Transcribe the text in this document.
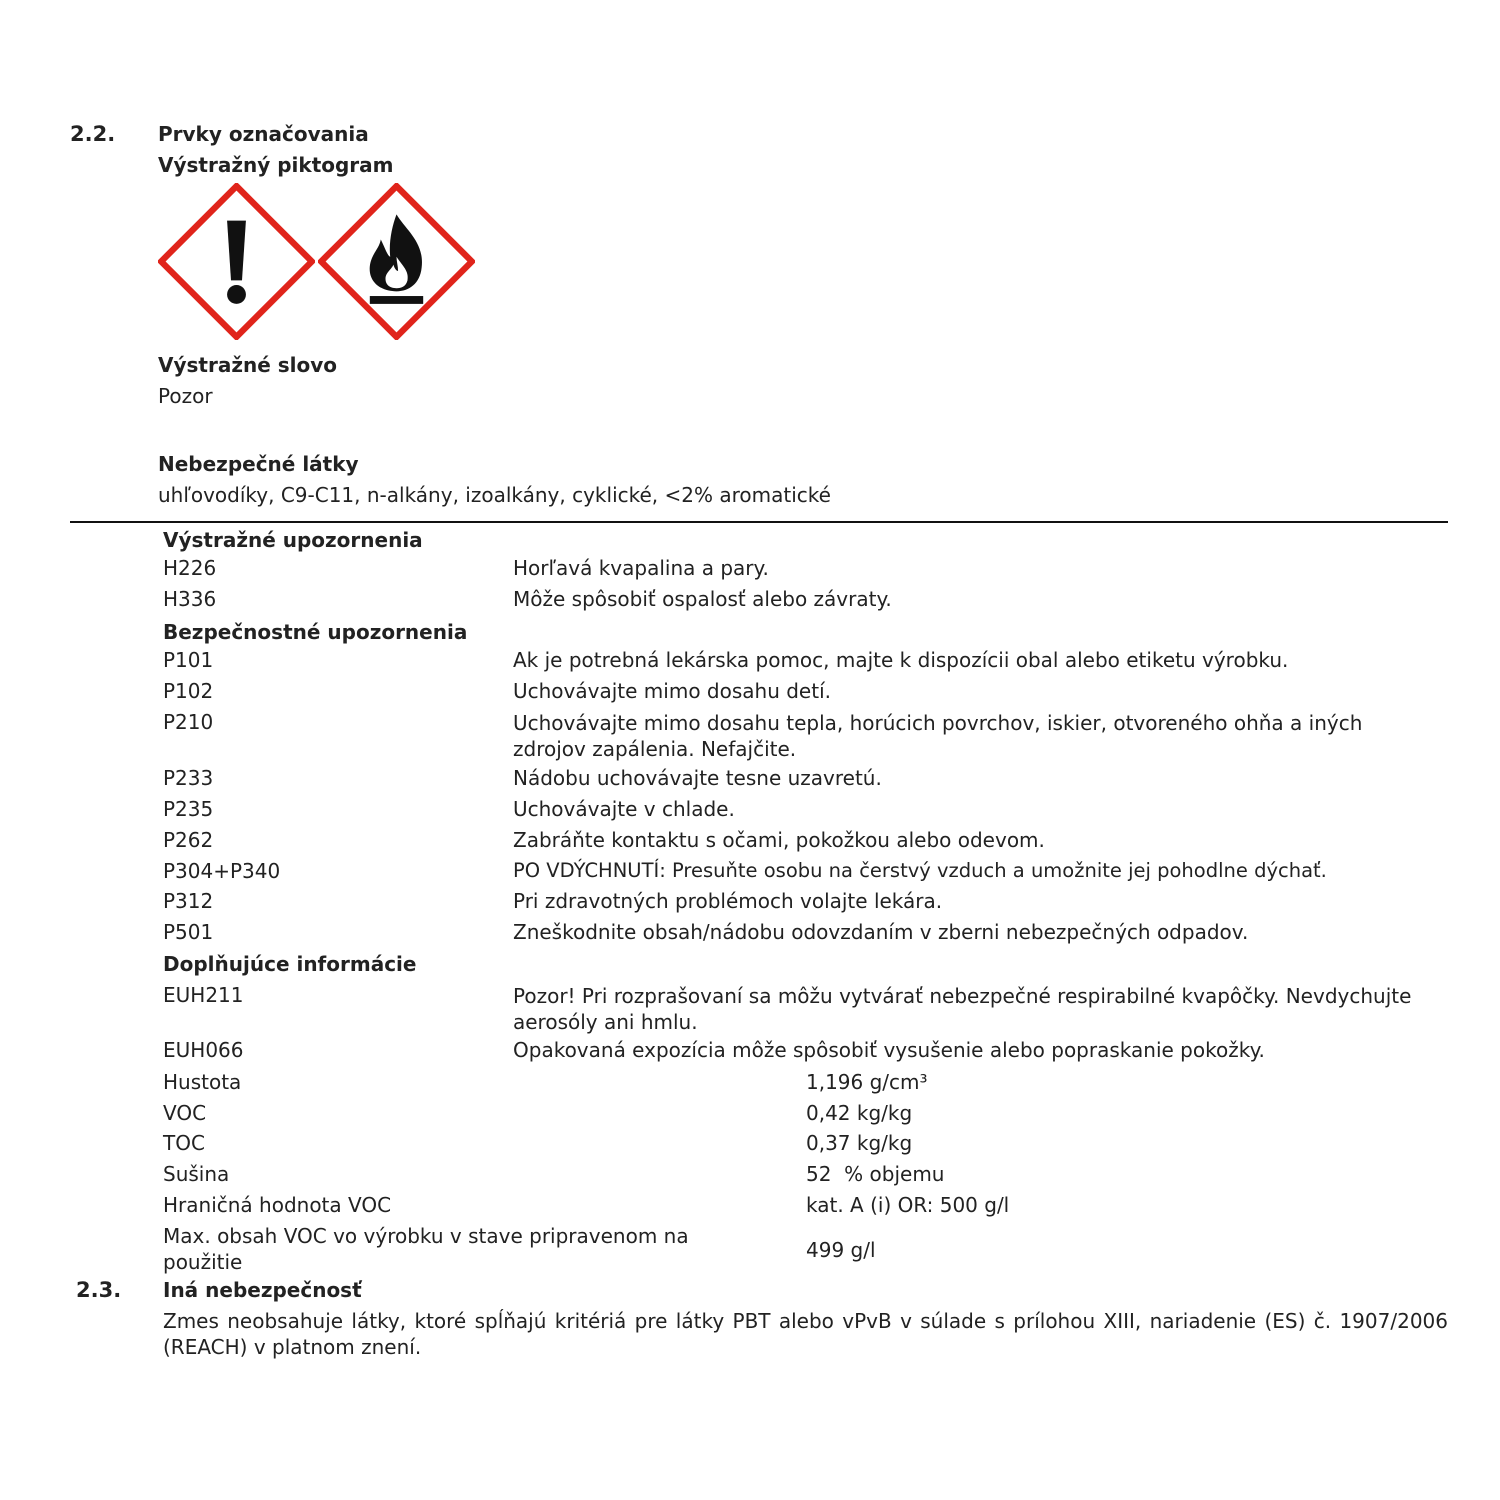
2.2. Prvky označovania
Výstražný piktogram
Výstražné slovo
Pozor
Nebezpečné látky
uhľovodíky, C9-C11, n-alkány, izoalkány, cyklické, <2% aromatické
Výstražné upozornenia
H226	Horľavá kvapalina a pary.
H336	Môže spôsobiť ospalosť alebo závraty.
Bezpečnostné upozornenia
P101	Ak je potrebná lekárska pomoc, majte k dispozícii obal alebo etiketu výrobku.
P102	Uchovávajte mimo dosahu detí.
P210	Uchovávajte mimo dosahu tepla, horúcich povrchov, iskier, otvoreného ohňa a iných zdrojov zapálenia. Nefajčite.
P233	Nádobu uchovávajte tesne uzavretú.
P235	Uchovávajte v chlade.
P262	Zabráňte kontaktu s očami, pokožkou alebo odevom.
P304+P340	PO VDÝCHNUTÍ: Presuňte osobu na čerstvý vzduch a umožnite jej pohodlne dýchať.
P312	Pri zdravotných problémoch volajte lekára.
P501	Zneškodnite obsah/nádobu odovzdaním v zberni nebezpečných odpadov.
Doplňujúce informácie
EUH211	Pozor! Pri rozprašovaní sa môžu vytvárať nebezpečné respirabilné kvapôčky. Nevdychujte aerosóly ani hmlu.
EUH066	Opakovaná expozícia môže spôsobiť vysušenie alebo popraskanie pokožky.
Hustota	1,196 g/cm³
VOC	0,42 kg/kg
TOC	0,37 kg/kg
Sušina	52  % objemu
Hraničná hodnota VOC	kat. A (i) OR: 500 g/l
Max. obsah VOC vo výrobku v stave pripravenom na použitie	499 g/l
2.3. Iná nebezpečnosť
Zmes neobsahuje látky, ktoré spĺňajú kritériá pre látky PBT alebo vPvB v súlade s prílohou XIII, nariadenie (ES) č. 1907/2006 (REACH) v platnom znení.
